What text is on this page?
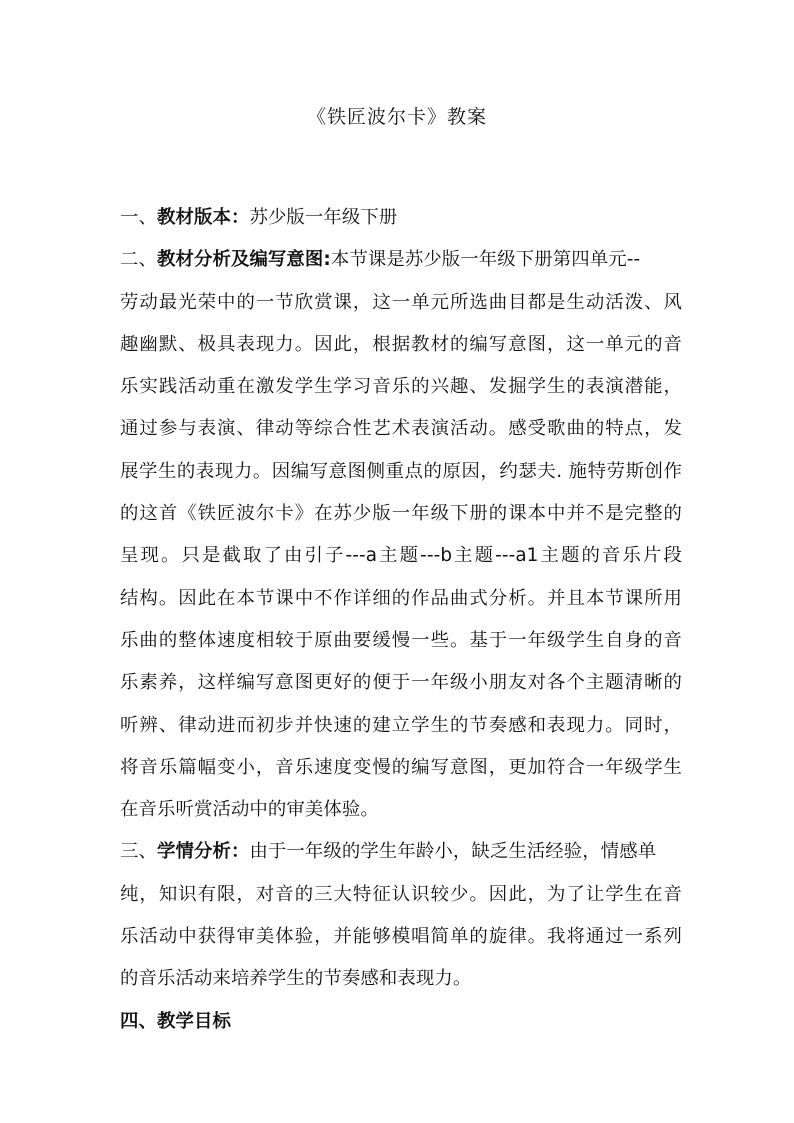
《铁匠波尔卡》教案
一、教材版本：苏少版一年级下册
二、教材分析及编写意图:本节课是苏少版一年级下册第四单元--
劳动最光荣中的一节欣赏课，这一单元所选曲目都是生动活泼、风
趣幽默、极具表现力。因此，根据教材的编写意图，这一单元的音
乐实践活动重在激发学生学习音乐的兴趣、发掘学生的表演潜能，
通过参与表演、律动等综合性艺术表演活动。感受歌曲的特点，发
展学生的表现力。因编写意图侧重点的原因，约瑟夫. 施特劳斯创作
的这首《铁匠波尔卡》在苏少版一年级下册的课本中并不是完整的
呈现。只是截取了由引子---a主题---b主题---a1主题的音乐片段
结构。因此在本节课中不作详细的作品曲式分析。并且本节课所用
乐曲的整体速度相较于原曲要缓慢一些。基于一年级学生自身的音
乐素养，这样编写意图更好的便于一年级小朋友对各个主题清晰的
听辨、律动进而初步并快速的建立学生的节奏感和表现力。同时，
将音乐篇幅变小，音乐速度变慢的编写意图，更加符合一年级学生
在音乐听赏活动中的审美体验。
三、学情分析：由于一年级的学生年龄小，缺乏生活经验，情感单
纯，知识有限，对音的三大特征认识较少。因此，为了让学生在音
乐活动中获得审美体验，并能够模唱简单的旋律。我将通过一系列
的音乐活动来培养学生的节奏感和表现力。
四、教学目标
